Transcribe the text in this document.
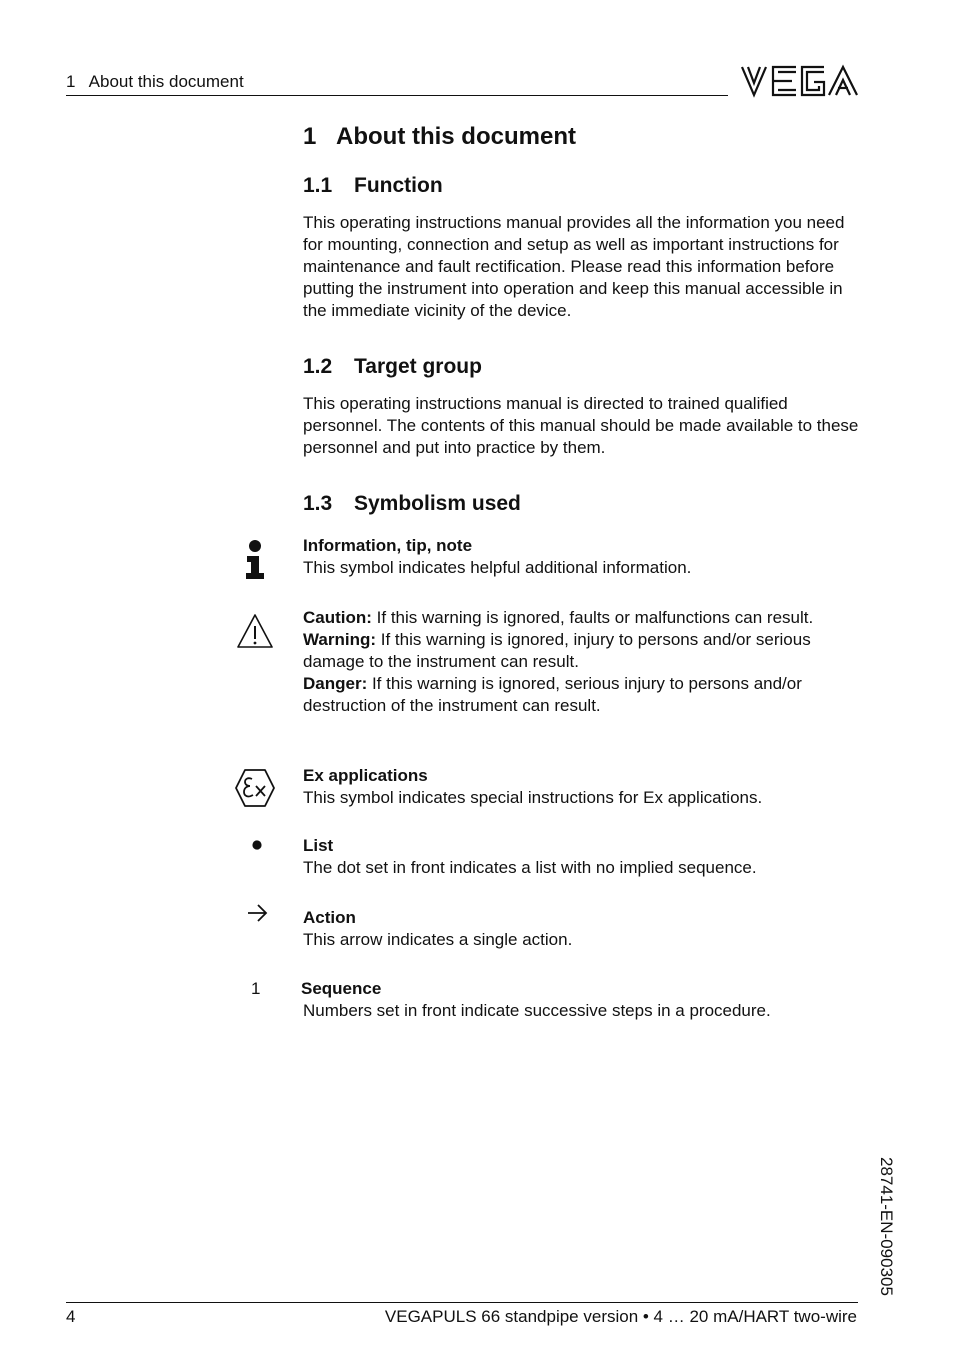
1   About this document
VEGA
1 About this document
1.1 Function

This operating instructions manual provides all the information you need for mounting, connection and setup as well as important instructions for maintenance and fault rectification. Please read this information before putting the instrument into operation and keep this manual accessible in the immediate vicinity of the device.

1.2 Target group

This operating instructions manual is directed to trained qualified personnel. The contents of this manual should be made available to these personnel and put into practice by them.

1.3 Symbolism used
Information, tip, note
This symbol indicates helpful additional information.
Caution: If this warning is ignored, faults or malfunctions can result.
Warning: If this warning is ignored, injury to persons and/or serious damage to the instrument can result.
Danger: If this warning is ignored, serious injury to persons and/or destruction of the instrument can result.
Ex applications
This symbol indicates special instructions for Ex applications.
List
The dot set in front indicates a list with no implied sequence.
Action
This arrow indicates a single action.
1 Sequence
Numbers set in front indicate successive steps in a procedure.
28741-EN-090305
4	VEGAPULS 66 standpipe version • 4 … 20 mA/HART two-wire
